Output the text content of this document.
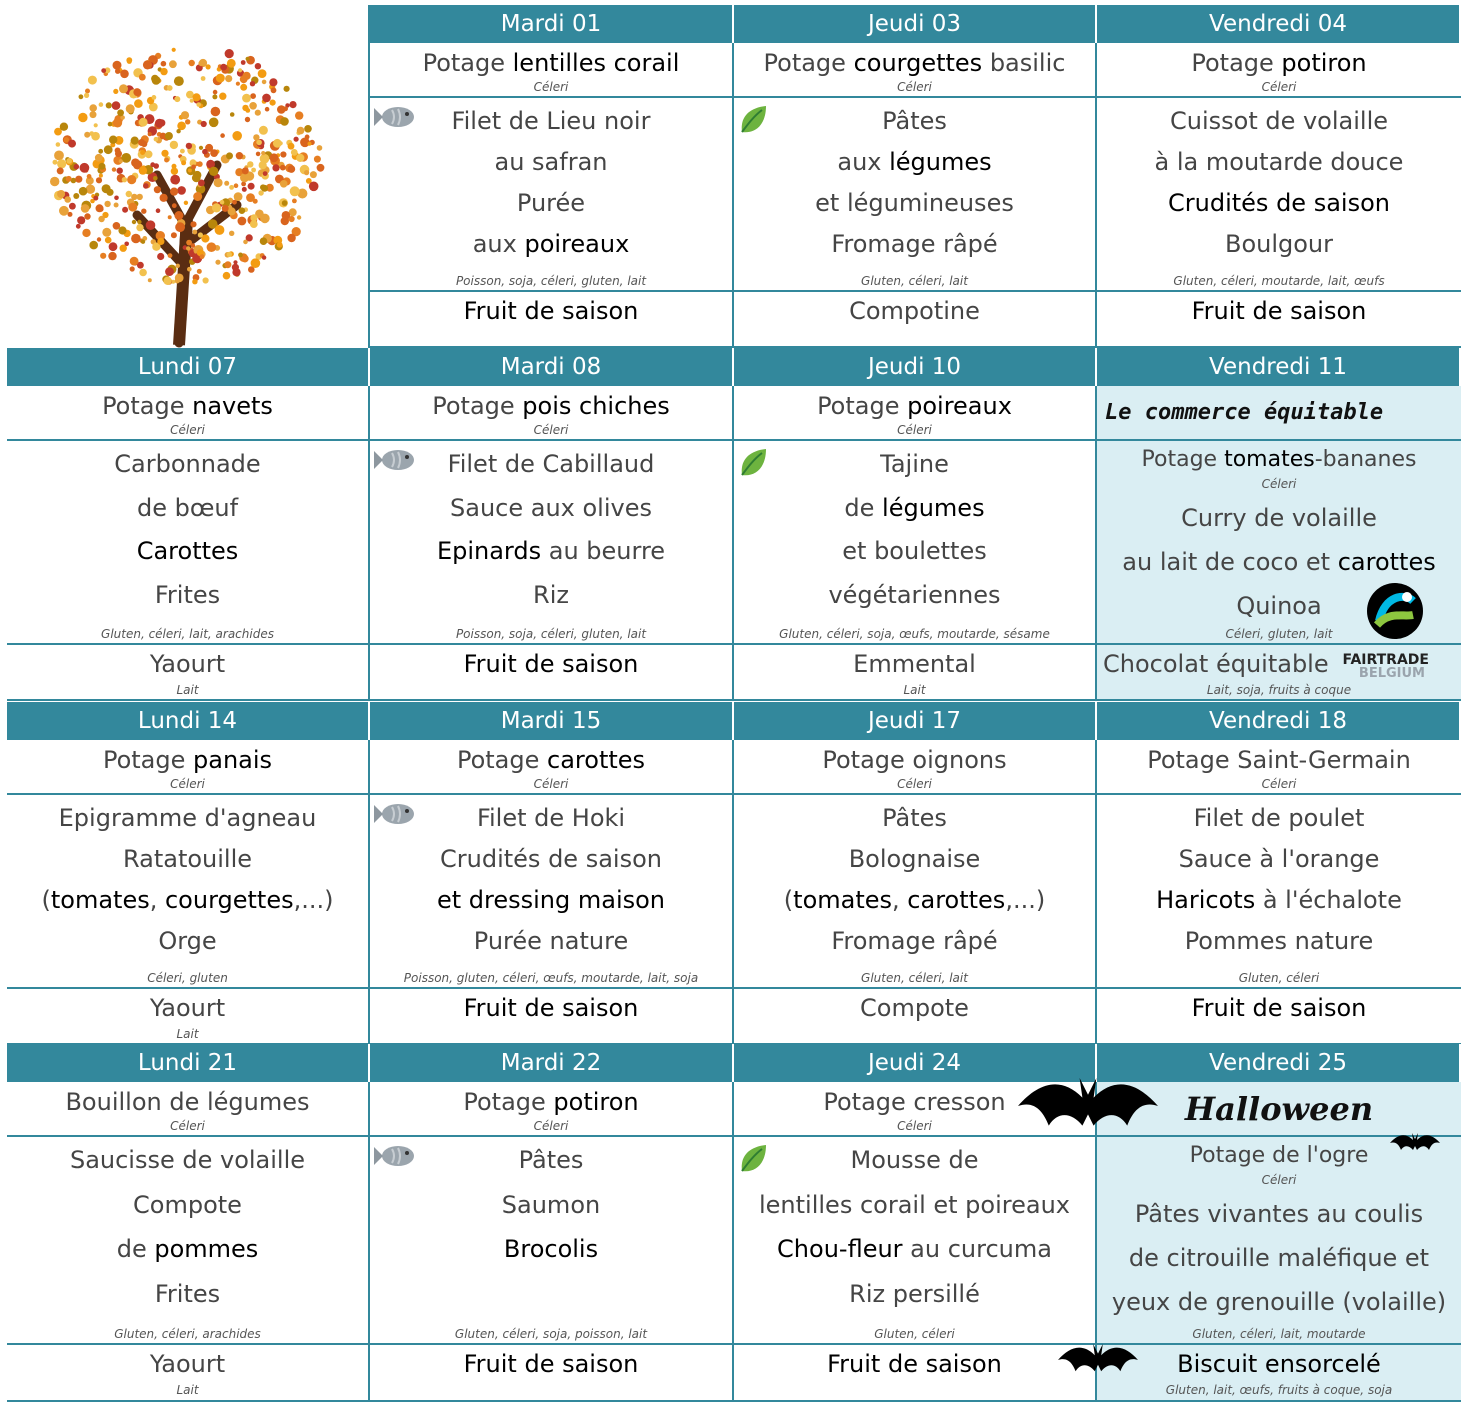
Mardi 01
Potage lentilles corail
Céleri
Filet de Lieu noir
au safran
Purée
aux poireaux
Poisson, soja, céleri, gluten, lait
Fruit de saison
Jeudi 03
Potage courgettes basilic
Céleri
Pâtes
aux légumes
et légumineuses
Fromage râpé
Gluten, céleri, lait
Compotine
Vendredi 04
Potage potiron
Céleri
Cuissot de volaille
à la moutarde douce
Crudités de saison
Boulgour
Gluten, céleri, moutarde, lait, œufs
Fruit de saison
Lundi 07
Potage navets
Céleri
Carbonnade
de bœuf
Carottes
Frites
Gluten, céleri, lait, arachides
Yaourt
Lait
Mardi 08
Potage pois chiches
Céleri
Filet de Cabillaud
Sauce aux olives
Epinards au beurre
Riz
Poisson, soja, céleri, gluten, lait
Fruit de saison
Jeudi 10
Potage poireaux
Céleri
Tajine
de légumes
et boulettes
végétariennes
Gluten, céleri, soja, œufs, moutarde, sésame
Emmental
Lait
Vendredi 11
Le commerce équitable
Potage tomates-bananes
Céleri
Curry de volaille
au lait de coco et carottes
Quinoa
Céleri, gluten, lait
Chocolat équitable
Lait, soja, fruits à coque
FAIRTRADE
BELGIUM
Lundi 14
Potage panais
Céleri
Epigramme d'agneau
Ratatouille
(tomates, courgettes,...)
Orge
Céleri, gluten
Yaourt
Lait
Mardi 15
Potage carottes
Céleri
Filet de Hoki
Crudités de saison
et dressing maison
Purée nature
Poisson, gluten, céleri, œufs, moutarde, lait, soja
Fruit de saison
Jeudi 17
Potage oignons
Céleri
Pâtes
Bolognaise
(tomates, carottes,...)
Fromage râpé
Gluten, céleri, lait
Compote
Vendredi 18
Potage Saint-Germain
Céleri
Filet de poulet
Sauce à l'orange
Haricots à l'échalote
Pommes nature
Gluten, céleri
Fruit de saison
Lundi 21
Bouillon de légumes
Céleri
Saucisse de volaille
Compote
de pommes
Frites
Gluten, céleri, arachides
Yaourt
Lait
Mardi 22
Potage potiron
Céleri
Pâtes
Saumon
Brocolis
Gluten, céleri, soja, poisson, lait
Fruit de saison
Jeudi 24
Potage cresson
Céleri
Mousse de
lentilles corail et poireaux
Chou-fleur au curcuma
Riz persillé
Gluten, céleri
Fruit de saison
Vendredi 25
Halloween
Potage de l'ogre
Céleri
Pâtes vivantes au coulis
de citrouille maléfique et
yeux de grenouille (volaille)
Gluten, céleri, lait, moutarde
Biscuit ensorcelé
Gluten, lait, œufs, fruits à coque, soja
